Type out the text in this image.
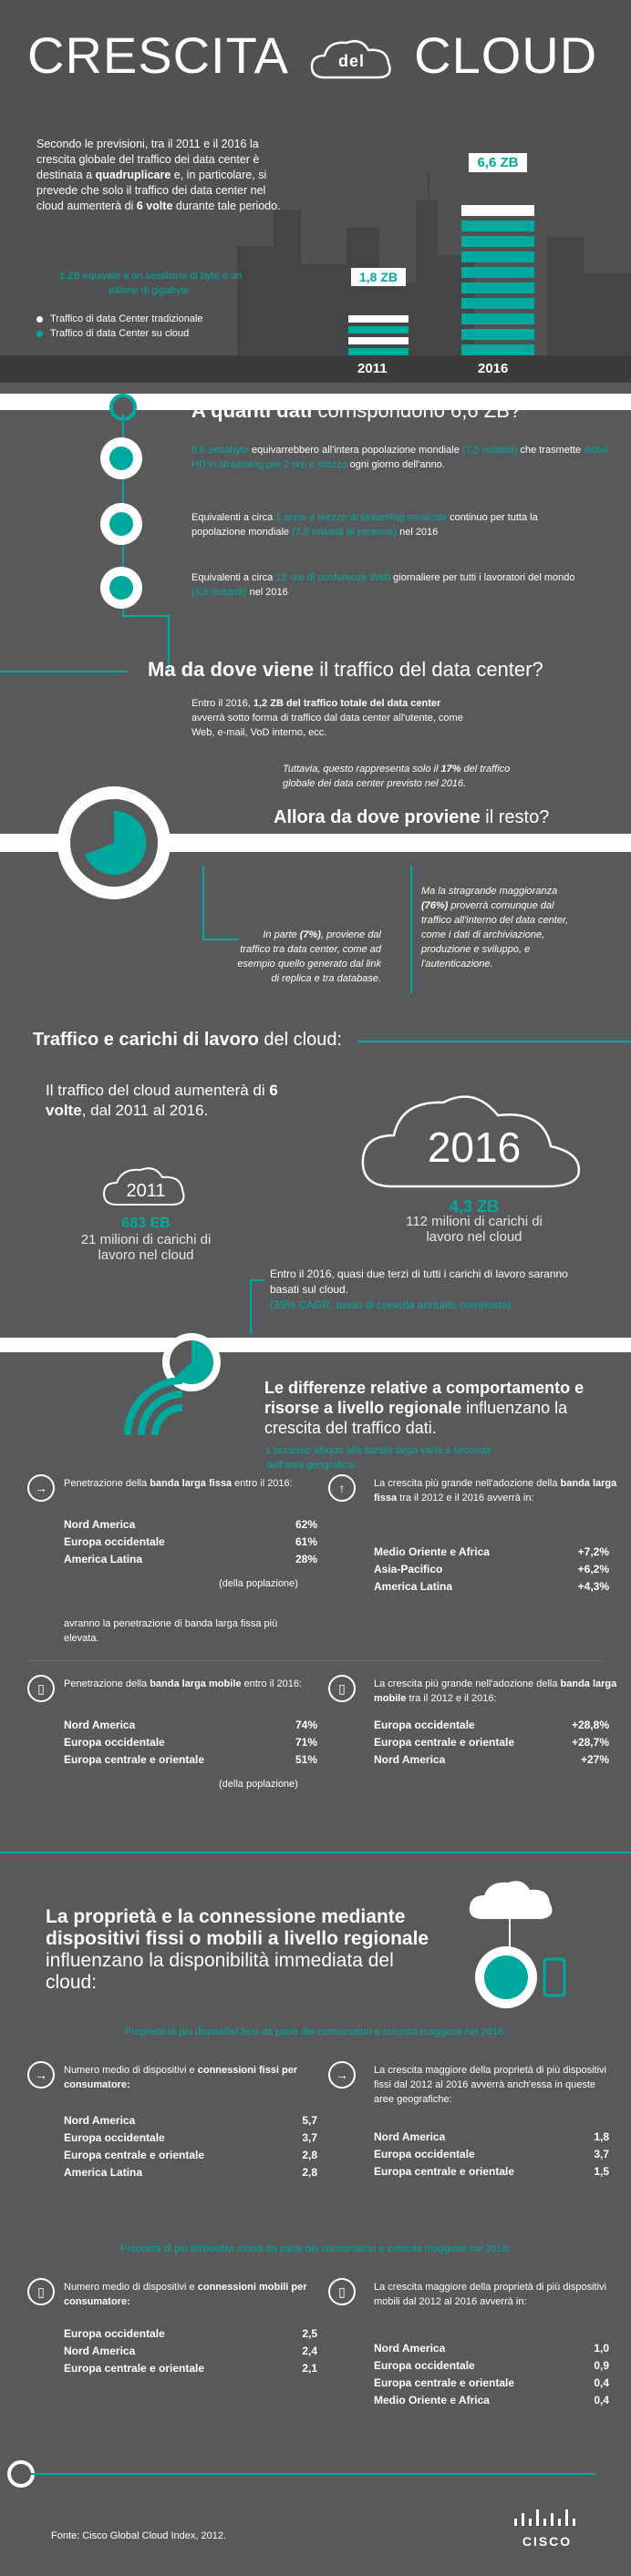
CRESCITA	del CLOUD
Secondo le previsioni, tra il 2011 e il 2016 la crescita globale del traffico dei data center è destinata a quadruplicare e, in particolare, si prevede che solo il traffico dei data center nel cloud aumenterà di 6 volte durante tale periodo.
1 ZB equivale a un sestilione di byte o un trilione di gigabyte.
Traffico di data Center tradizionale
Traffico di data Center su cloud
1,8 ZB
2011
6,6 ZB
2016
A quanti dati corrispondono 6,6 ZB?
6,6 zettabyte equivarrebbero all'intera popolazione mondiale (7,5 miliardi) che trasmette video HD in streaming per 2 ore e mezzo ogni giorno dell'anno.
Equivalenti a circa 1 anno e mezzo di streaming musicale continuo per tutta la popolazione mondiale (7,5 miliardi di persone) nel 2016
Equivalenti a circa 12 ore di conferenze Web giornaliere per tutti i lavoratori del mondo (3,6 miliardi) nel 2016
Ma da dove viene il traffico del data center?
Entro il 2016, 1,2 ZB del traffico totale del data center avverrà sotto forma di traffico dal data center all'utente, come Web, e-mail, VoD interno, ecc.
Tuttavia, questo rappresenta solo il 17% del traffico globale dei data center previsto nel 2016.
Allora da dove proviene il resto?
In parte (7%), proviene dal traffico tra data center, come ad esempio quello generato dal link di replica e tra database.
Ma la stragrande maggioranza (76%) proverrà comunque dal traffico all'interno del data center, come i dati di archiviazione, produzione e sviluppo, e l'autenticazione.
Traffico e carichi di lavoro del cloud:
Il traffico del cloud aumenterà di 6 volte, dal 2011 al 2016.
2011
683 EB
21 milioni di carichi di lavoro nel cloud
2016
4,3 ZB
112 milioni di carichi di lavoro nel cloud
Entro il 2016, quasi due terzi di tutti i carichi di lavoro saranno basati sul cloud.
(39% CAGR, tasso di crescita annuale composto)
Le differenze relative a comportamento e risorse a livello regionale influenzano la crescita del traffico dati.
L'accesso ubiquo alla banda larga varia a seconda dell'area geografica:
→	Penetrazione della banda larga fissa entro il 2016:
Nord America	62%
Europa occidentale	61%
America Latina	28%
(della poplazione)
avranno la penetrazione di banda larga fissa più elevata.
↑	La crescita più grande nell'adozione della banda larga fissa tra il 2012 e il 2016 avverrà in:
Medio Oriente e Africa	+7,2%
Asia-Pacifico	+6,2%
America Latina	+4,3%
▯	Penetrazione della banda larga mobile entro il 2016:
Nord America	74%
Europa occidentale	71%
Europa centrale e orientale	51%
(della poplazione)
▯	La crescita più grande nell'adozione della banda larga mobile tra il 2012 e il 2016:
Europa occidentale	+28,8%
Europa centrale e orientale	+28,7%
Nord America	+27%
La proprietà e la connessione mediante dispositivi fissi o mobili a livello regionale influenzano la disponibilità immediata del cloud:
Proprietà di più dispositivi fissi da parte dei consumatori e crescita maggiore nel 2016:
→	Numero medio di dispositivi e connessioni fissi per consumatore:
Nord America	5,7
Europa occidentale	3,7
Europa centrale e orientale	2,8
America Latina	2,8
→	La crescita maggiore della proprietà di più dispositivi fissi dal 2012 al 2016 avverrà anch'essa in queste aree geografiche:
Nord America	1,8
Europa occidentale	3,7
Europa centrale e orientale	1,5
Proprietà di più dispositivi mobili da parte dei consumatori e crescita maggiore nel 2016:
▯	Numero medio di dispositivi e connessioni mobili per consumatore:
Europa occidentale	2,5
Nord America	2,4
Europa centrale e orientale	2,1
▯	La crescita maggiore della proprietà di più dispositivi mobili dal 2012 al 2016 avverrà in:
Nord America	1,0
Europa occidentale	0,9
Europa centrale e orientale	0,4
Medio Oriente e Africa	0,4
Fonte: Cisco Global Cloud Index, 2012.	CISCO
